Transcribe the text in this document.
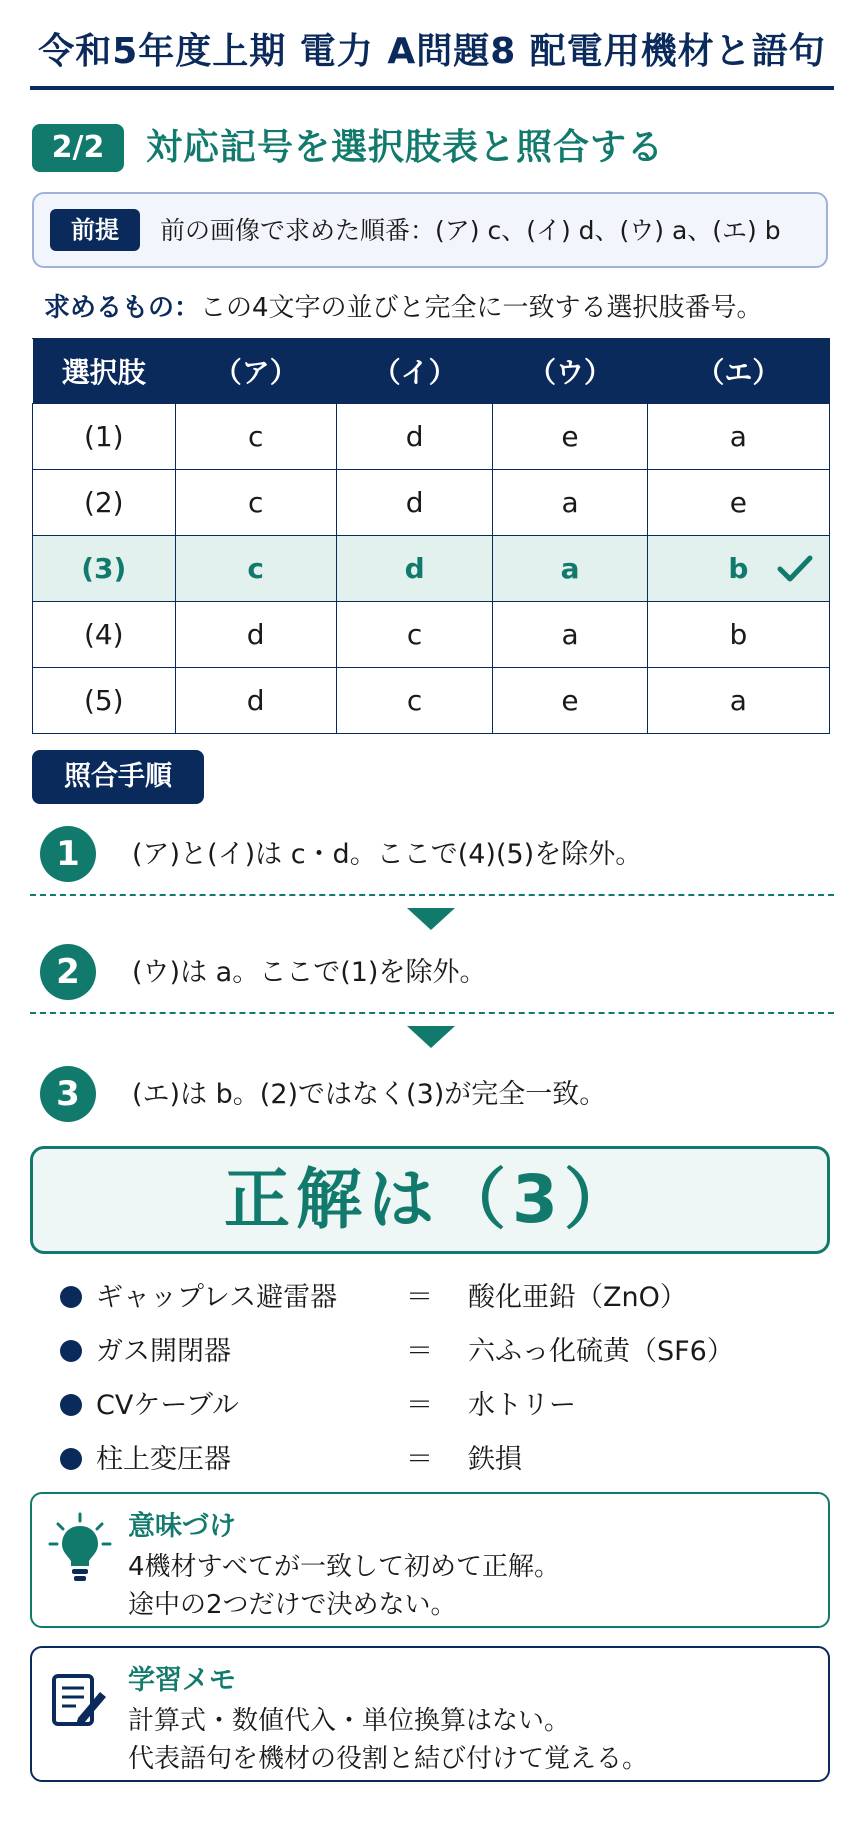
令和5年度上期 電力 A問題8 配電用機材と語句
2/2	対応記号を選択肢表と照合する
前提	前の画像で求めた順番：(ア) c、(イ) d、(ウ) a、(エ) b
求めるもの：この4文字の並びと完全に一致する選択肢番号。
選択肢	（ア）	（イ）	（ウ）	（エ）
(1)	c	d	e	a
(2)	c	d	a	e
(3)	c	d	a	b

(4)	d	c	a	b
(5)	d	c	e	a
照合手順
1	(ア)と(イ)は c・d。ここで(4)(5)を除外。
2	(ウ)は a。ここで(1)を除外。
3	(エ)は b。(2)ではなく(3)が完全一致。
正解は（3）
ギャップレス避雷器	＝ 酸化亜鉛（ZnO）
ガス開閉器	＝ 六ふっ化硫黄（SF6）
CVケーブル	＝ 水トリー
柱上変圧器	＝ 鉄損
意味づけ
4機材すべてが一致して初めて正解。
途中の2つだけで決めない。
学習メモ
計算式・数値代入・単位換算はない。
代表語句を機材の役割と結び付けて覚える。
